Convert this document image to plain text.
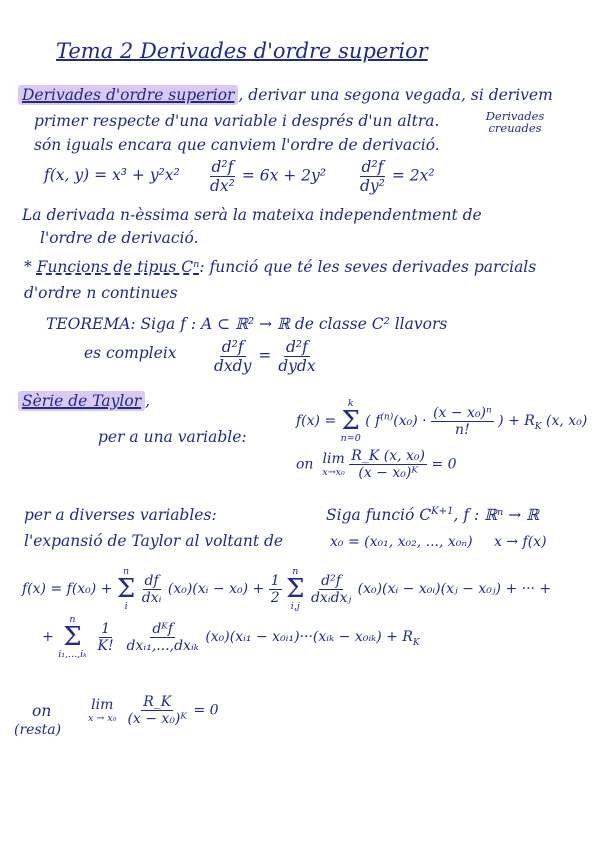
Tema 2 Derivades d'ordre superior
Derivades d'ordre superior , derivar una segona vegada, si derivem
primer respecte d'una variable i després d'un altra.	Derivades creuades
són iguals encara que canviem l'ordre de derivació.
f(x, $y) = x^3 + y^2x^2 \frac{\text{d²f}}{\text{dx²}} = 6x + 2y^2 \frac{\text{d²f}}{\text{dy²}} = 2x^2$
La derivada n-èssima serà la mateixa independentment de
l'ordre de derivació.
* Funcions de tipus Cⁿ: funció que té les seves derivades parcials
d'ordre n continues
TEOREMA: Siga f : A ⊂ ℝ² → ℝ de classe C² llavors
es compleix $\frac{\text{d²f}}{\text{dxdy}} = \frac{\text{d²f}}{\text{dydx}}$
Sèrie de Taylor ,
per a una variable:
f(x) =
k
Σ
n=0
( $f^{(n)}(x_0) \cdot \frac{\text{(x − x₀)ⁿ}}{n!}$ ) + $R_K$ (x, x₀)
on lim
x→x₀
$\frac{\text{R\_K (x, x₀)}}{\text{(x − x₀)ᴷ}} = 0$
per a diverses variables:	Siga funció $C^{K+1}$, f : ℝⁿ → ℝ
l'expansió de Taylor al voltant de	x₀ = (x₀₁, x₀₂, ..., x₀ₙ) x → f(x)
f(x) = f(x₀) +
n
Σ
i

$\frac{df}{\text{dxᵢ}}$ (x₀)(xᵢ − $x_0) + \frac{1}{2}$

n
Σ
i,j

$\frac{\text{d²f}}{\text{dxᵢdxⱼ}}$ (x₀)(xᵢ − x₀ᵢ)(xⱼ − x₀ⱼ) + ··· +
+
n
Σ
i₁,...,iₖ

$\frac{1}{K!}$
$\frac{\text{dᴷf}}{\text{dxᵢ₁,...,dxᵢₖ}}$ (x₀)(xᵢ₁ − x₀ᵢ₁)···(xᵢₖ − x₀ᵢₖ) + $R_K$
on
(resta)
lim
x → x₀
$\frac{R\_K}{\text{(x − x₀)ᴷ}} = 0$
